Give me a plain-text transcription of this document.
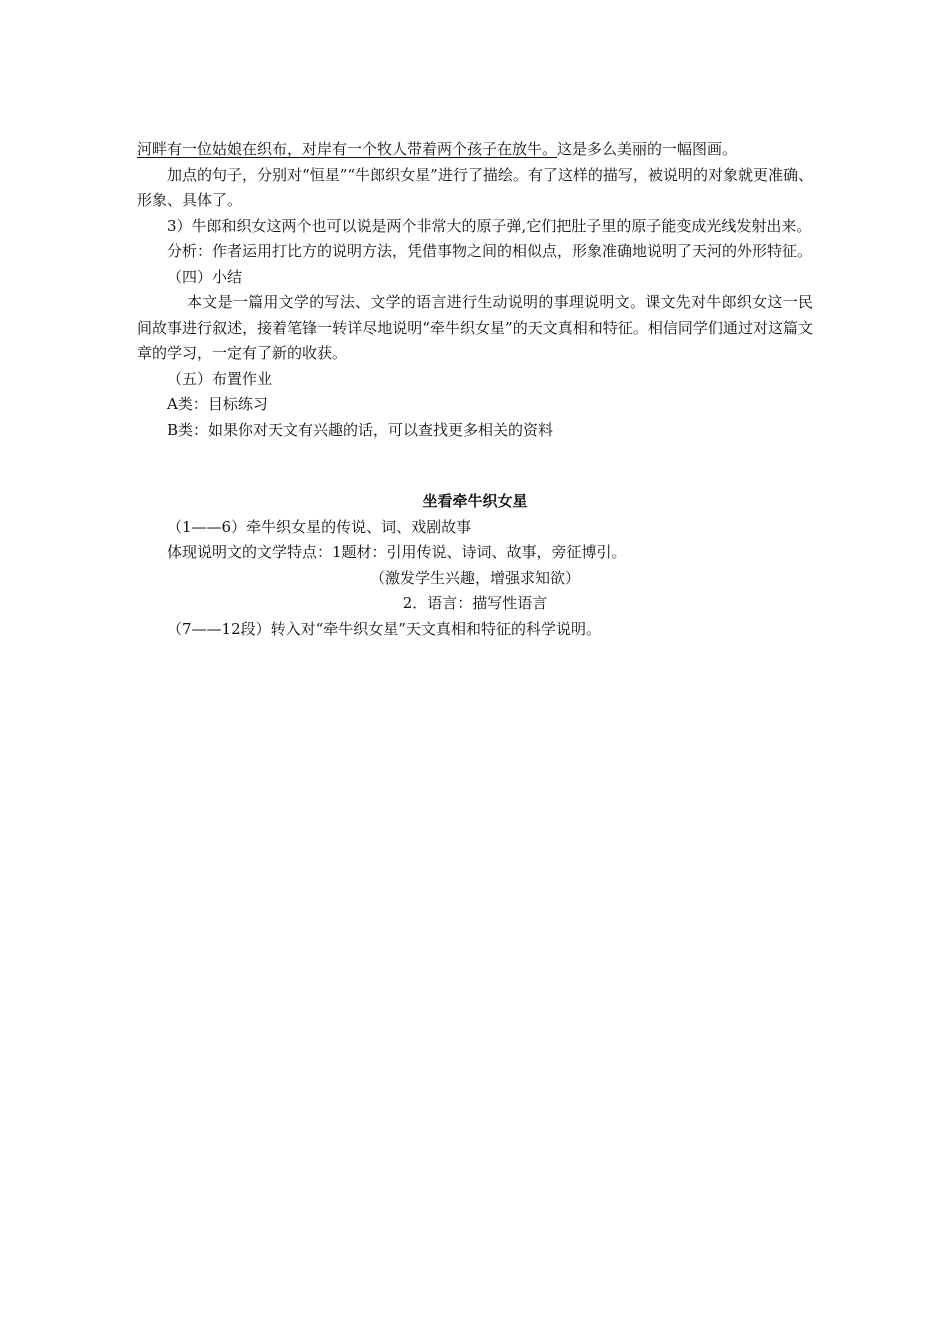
河畔有一位姑娘在织布，对岸有一个牧人带着两个孩子在放牛。这是多么美丽的一幅图画。

加点的句子，分别对“恒星”“牛郎织女星”进行了描绘。有了这样的描写，被说明的对象就更准确、形象、具体了。

3）牛郎和织女这两个也可以说是两个非常大的原子弹,它们把肚子里的原子能变成光线发射出来。

分析：作者运用打比方的说明方法，凭借事物之间的相似点，形象准确地说明了天河的外形特征。

（四）小结

本文是一篇用文学的写法、文学的语言进行生动说明的事理说明文。课文先对牛郎织女这一民间故事进行叙述，接着笔锋一转详尽地说明“牵牛织女星”的天文真相和特征。相信同学们通过对这篇文章的学习，一定有了新的收获。

（五）布置作业

A类：目标练习

B类：如果你对天文有兴趣的话，可以查找更多相关的资料

坐看牵牛织女星

（1——6）牵牛织女星的传说、词、戏剧故事

体现说明文的文学特点：1题材：引用传说、诗词、故事，旁征博引。

（激发学生兴趣，增强求知欲）

2．语言：描写性语言

（7——12段）转入对“牵牛织女星”天文真相和特征的科学说明。
